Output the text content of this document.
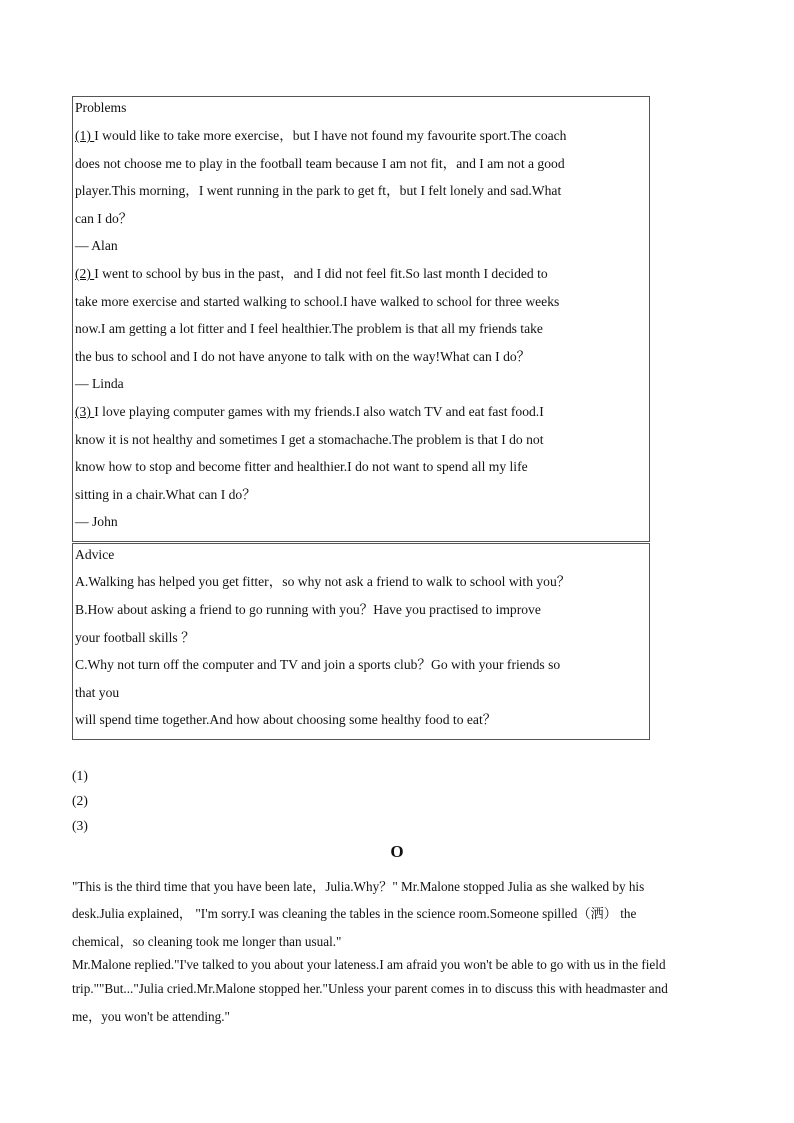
Problems
(1) I would like to take more exercise，but I have not found my favourite sport.The coach
does not choose me to play in the football team because I am not fit，and I am not a good
player.This morning，I went running in the park to get ft，but I felt lonely and sad.What
can I do？
— Alan
(2) I went to school by bus in the past，and I did not feel fit.So last month I decided to
take more exercise and started walking to school.I have walked to school for three weeks
now.I am getting a lot fitter and I feel healthier.The problem is that all my friends take
the bus to school and I do not have anyone to talk with on the way!What can I do？
— Linda
(3) I love playing computer games with my friends.I also watch TV and eat fast food.I
know it is not healthy and sometimes I get a stomachache.The problem is that I do not
know how to stop and become fitter and healthier.I do not want to spend all my life
sitting in a chair.What can I do？
— John
Advice
A.Walking has helped you get fitter，so why not ask a friend to walk to school with you？
B.How about asking a friend to go running with you？Have you practised to improve
your football skills ？
C.Why not turn off the computer and TV and join a sports club？Go with your friends so
that you
will spend time together.And how about choosing some healthy food to eat？
(1)
(2)
(3)
O
"This is the third time that you have been late，Julia.Why？" Mr.Malone stopped Julia as she walked by his
desk.Julia explained， "I'm sorry.I was cleaning the tables in the science room.Someone spilled（洒） the
chemical，so cleaning took me longer than usual."
Mr.Malone replied."I've talked to you about your lateness.I am afraid you won't be able to go with us in the field
trip.""But..."Julia cried.Mr.Malone stopped her."Unless your parent comes in to discuss this with headmaster and
me，you won't be attending."
